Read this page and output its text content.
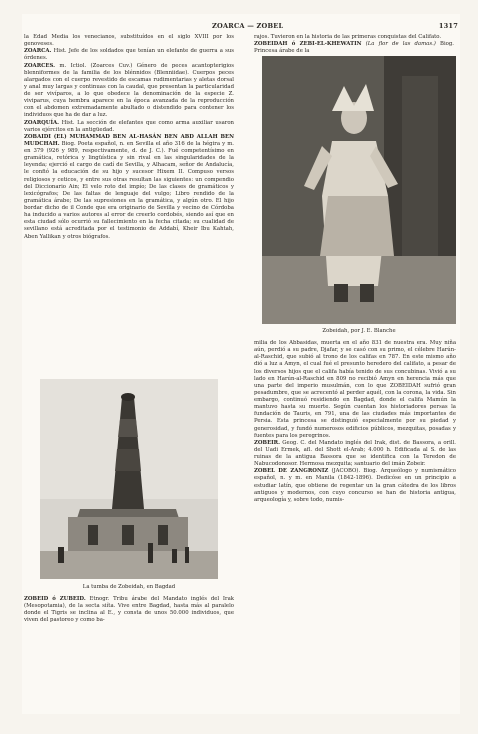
ZOARCA — ZOBEL	1317

la Edad Media los venecianos, substituídos en el siglo XVIII por los genoveses.

ZOARCA. Hist. Jefe de los soldados que tenían un elefante de guerra a sus órdenes.

ZOARCES. m. Ictiol. (Zoarces Cuv.) Género de peces acantopterigios blenniformes de la familia de los blénnidos (Blenniidae). Cuerpos peces alargados con el cuerpo revestido de escamas rudimentarias y aletas dorsal y anal muy largas y continuas con la caudal, que presentan la particularidad de ser vivíparos, a lo que obedece la denominación de la especie Z. viviparus, cuya hembra aparece en la época avanzada de la reproducción con el abdomen extremadamente abultado o distendido para contener los individuos que ha de dar a luz.

ZOARQUÍA. Hist. La sección de elefantes que como arma auxiliar usaron varios ejércitos en la antigüedad.

ZOBAIDI (EL) MUHAMMAD BEN AL-HASÁN BEN ABD ALLAH BEN MUDCHAH. Biog. Poeta español, n. en Sevilla el año 316 de la hégira y m. en 379 (926 y 989, respectivamente, d. de J. C.). Fué competentísimo en gramática, retórica y lingüística y sin rival en las singularidades de la leyenda; ejerció el cargo de cadí de Sevilla, y Alhacam, señor de Andalucía, le confió la educación de su hijo y sucesor Hixem II. Compuso versos religiosos y ceticos, y entre sus otras resultan las siguientes: un compendio del Diccionario Ain; El velo roto del impío; De las clases de gramáticos y lexicógrafos; De las faltas de lenguaje del vulgo; Libro rendido de la gramática árabe; De las supresiones en la gramática, y algún otro. El hijo bordar dicho de il Conde que era originario de Sevilla y vecino de Córdoba ha inducido a varios autores al error de creerlo cordobés, siendo así que en esta ciudad sólo ocurrió su fallecimiento en la fecha citada; su cualidad de sevillano está acreditada por el testimonio de Addabí, Kheir Ibu Kahtah, Aben Yallikan y otros biógrafos.

La tumba de Zobeidah, en Bagdad

ZOBEID ó ZUBEID. Etnogr. Tribu árabe del Mandato inglés del Irak (Mesopotamia), de la secta siíta. Vive entre Bagdad, hasta más al paralelo donde el Tigris se inclina al E., y consta de unos 50.000 individuos, que viven del pastoreo y como ba-

rajos. Tuvieron en la historia de las primeras conquistas del Califato.

ZOBEIDAH ó ZEBI-EL-KHEWATIN (La flor de las damas.) Biog. Princesa árabe de la

Zobeidah, por J. E. Blanche

milia de los Abbasidas, muerta en el año 831 de nuestra era. Muy niña aún, perdió a su padre, Djafar, y se casó con su primo, el célebre Harún-al-Raschid, que subió al trono de los califas en 787. En este mismo año dió a luz a Amyn, el cual fué el presunto heredero del califato, a pesar de los diversos hijos que el califa había tenido de sus concubinas. Vivió a su lado en Harún-al-Raschid en 809 no recibió Amyn en herencia más que una parte del imperio musulmán, con lo que ZOBEIDAH sufrió gran pesadumbre, que se acrecentó al perder aquél, con la corona, la vida. Sin embargo, continuó residiendo en Bagdad, donde el califa Mamún la mantuvo hasta su muerte. Según cuentan los historiadores persas la fundación de Tauris, en 791, una de las ciudades más importantes de Persia. Esta princesa se distinguió especialmente por su piedad y generosidad, y fundó numerosos edificios públicos, mezquitas, posadas y fuentes para los peregrinos.

ZOBEIR. Geog. C. del Mandato inglés del Irak, dist. de Bassora, a orill. del Uadi Ermek, afl. del Shott el-Arab; 4.000 h. Edificada al S. de las ruinas de la antigua Bassora que se identifica con la Teredon de Nabucodonosor. Hermosa mezquita; santuario del imán Zobeir.

ZOBEL DE ZANGRONIZ (JACOBO). Biog. Arqueólogo y numismático español, n. y m. en Manila (1842-1896). Dedicóse en un principio a estudiar latín, que obtiene de regentar un la gran cátedra de los libros antiguos y modernos, con cuyo concurso se han de historia antigua, arqueología y, sobre todo, numis-
